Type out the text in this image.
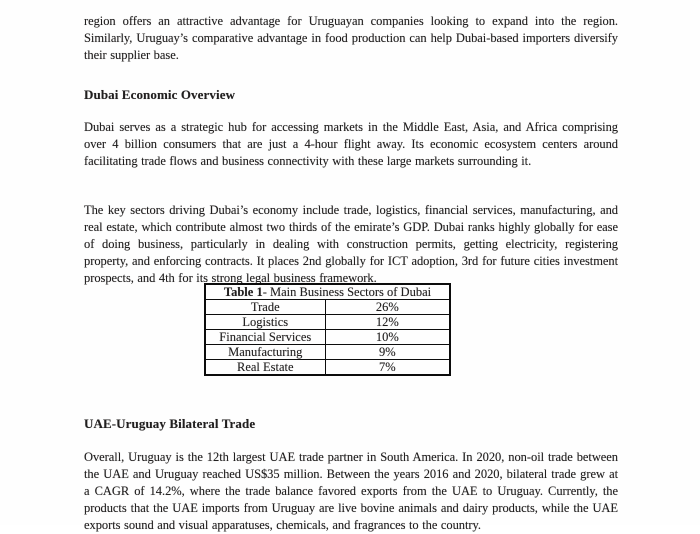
region offers an attractive advantage for Uruguayan companies looking to expand into the region. Similarly, Uruguay’s comparative advantage in food production can help Dubai-based importers diversify their supplier base.

Dubai Economic Overview

Dubai serves as a strategic hub for accessing markets in the Middle East, Asia, and Africa comprising over 4 billion consumers that are just a 4-hour flight away. Its economic ecosystem centers around facilitating trade flows and business connectivity with these large markets surrounding it.

The key sectors driving Dubai’s economy include trade, logistics, financial services, manufacturing, and real estate, which contribute almost two thirds of the emirate’s GDP. Dubai ranks highly globally for ease of doing business, particularly in dealing with construction permits, getting electricity, registering property, and enforcing contracts. It places 2nd globally for ICT adoption, 3rd for future cities investment prospects, and 4th for its strong legal business framework.

Table 1- Main Business Sectors of Dubai	
Trade	26%
Logistics	12%
Financial Services	10%
Manufacturing	9%
Real Estate	7%
UAE-Uruguay Bilateral Trade

Overall, Uruguay is the 12th largest UAE trade partner in South America. In 2020, non-oil trade between the UAE and Uruguay reached US$35 million. Between the years 2016 and 2020, bilateral trade grew at a CAGR of 14.2%, where the trade balance favored exports from the UAE to Uruguay. Currently, the products that the UAE imports from Uruguay are live bovine animals and dairy products, while the UAE exports sound and visual apparatuses, chemicals, and fragrances to the country.
